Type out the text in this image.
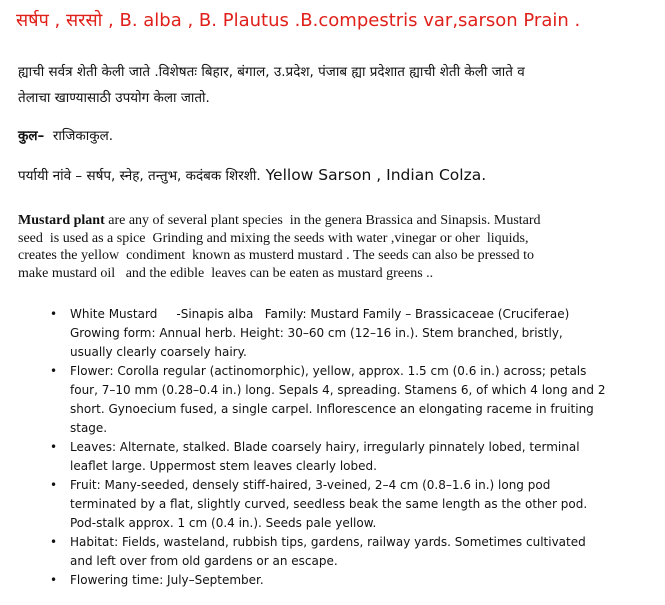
सर्षप , सरसो , B. alba , B. Plautus .B.compestris var,sarson Prain .
ह्याची सर्वत्र शेती केली जाते .विशेषतः बिहार, बंगाल, उ.प्रदेश, पंजाब ह्या प्रदेशात ह्याची शेती केली जाते व
तेलाचा खाण्यासाठी उपयोग केला जातो.
कुल–  राजिकाकुल.
पर्यायी नांवे – सर्षप, स्नेह, तन्तुभ, कदंबक शिरशी. Yellow Sarson , Indian Colza.
Mustard plant are any of several plant species  in the genera Brassica and Sinapsis. Mustard
seed  is used as a spice  Grinding and mixing the seeds with water ,vinegar or oher  liquids,
creates the yellow  condiment  known as musterd mustard . The seeds can also be pressed to
make mustard oil   and the edible  leaves can be eaten as mustard greens ..
• White Mustard     -Sinapis alba   Family: Mustard Family – Brassicaceae (Cruciferae)
Growing form: Annual herb. Height: 30–60 cm (12–16 in.). Stem branched, bristly,
usually clearly coarsely hairy.
• Flower: Corolla regular (actinomorphic), yellow, approx. 1.5 cm (0.6 in.) across; petals
four, 7–10 mm (0.28–0.4 in.) long. Sepals 4, spreading. Stamens 6, of which 4 long and 2
short. Gynoecium fused, a single carpel. Inflorescence an elongating raceme in fruiting
stage.
• Leaves: Alternate, stalked. Blade coarsely hairy, irregularly pinnately lobed, terminal
leaflet large. Uppermost stem leaves clearly lobed.
• Fruit: Many-seeded, densely stiff-haired, 3-veined, 2–4 cm (0.8–1.6 in.) long pod
terminated by a flat, slightly curved, seedless beak the same length as the other pod.
Pod-stalk approx. 1 cm (0.4 in.). Seeds pale yellow.
• Habitat: Fields, wasteland, rubbish tips, gardens, railway yards. Sometimes cultivated
and left over from old gardens or an escape.
• Flowering time: July–September.
